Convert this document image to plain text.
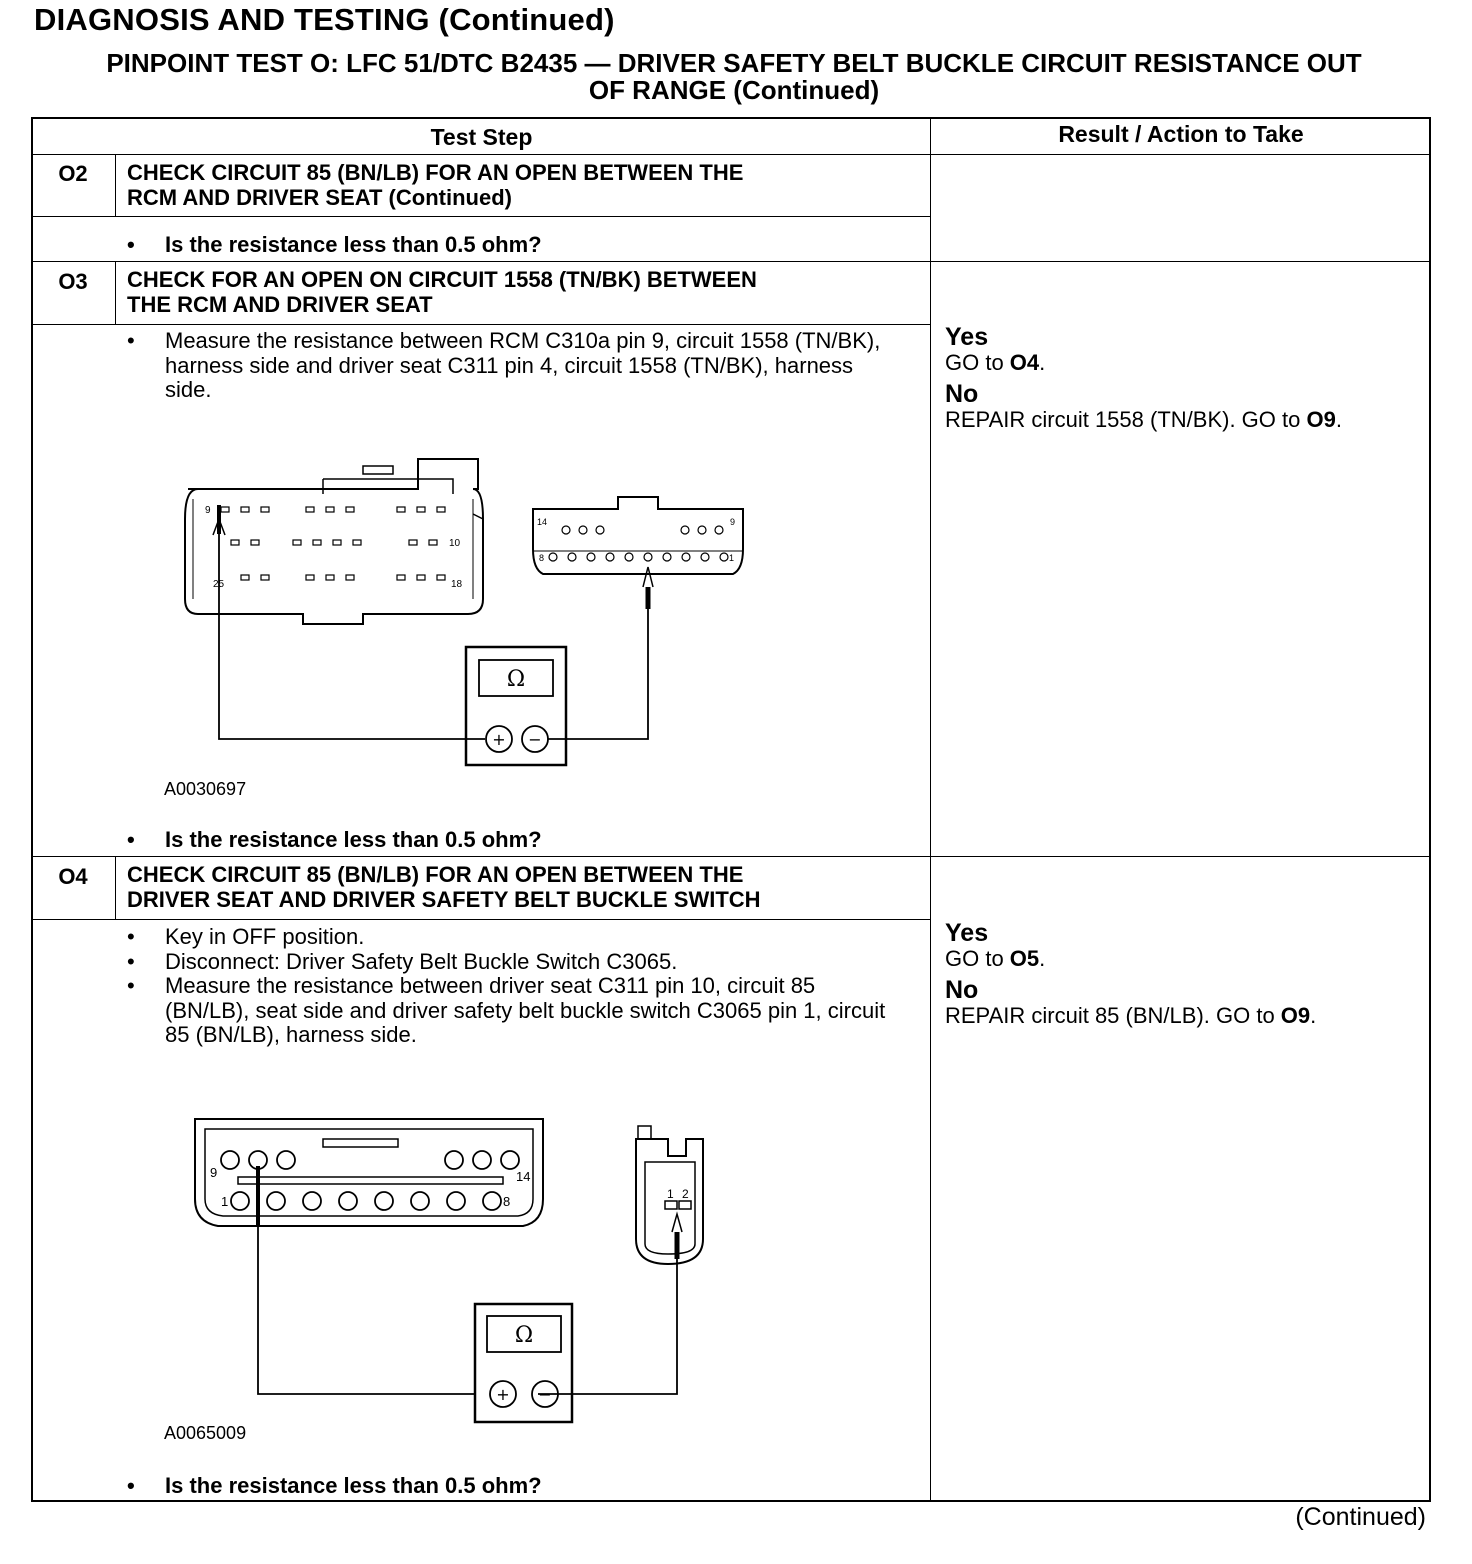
DIAGNOSIS AND TESTING (Continued)
PINPOINT TEST O: LFC 51/DTC B2435 — DRIVER SAFETY BELT BUCKLE CIRCUIT RESISTANCE OUT
OF RANGE (Continued)
Test Step	Result / Action to Take
O2	CHECK CIRCUIT 85 (BN/LB) FOR AN OPEN BETWEEN THE
RCM AND DRIVER SEAT (Continued)
• Is the resistance less than 0.5 ohm?
O3	CHECK FOR AN OPEN ON CIRCUIT 1558 (TN/BK) BETWEEN
THE RCM AND DRIVER SEAT
• Measure the resistance between RCM C310a pin 9, circuit 1558 (TN/BK), harness side and driver seat C311 pin 4, circuit 1558 (TN/BK), harness side.
Yes
GO to O4.
No
REPAIR circuit 1558 (TN/BK). GO to O9.
9
10
25	18
14	9
8	1
Ω
+ −
A0030697
• Is the resistance less than 0.5 ohm?
O4	CHECK CIRCUIT 85 (BN/LB) FOR AN OPEN BETWEEN THE
DRIVER SEAT AND DRIVER SAFETY BELT BUCKLE SWITCH
• Key in OFF position.
• Disconnect: Driver Safety Belt Buckle Switch C3065.
• Measure the resistance between driver seat C311 pin 10, circuit 85 (BN/LB), seat side and driver safety belt buckle switch C3065 pin 1, circuit 85 (BN/LB), harness side.
Yes
GO to O5.
No
REPAIR circuit 85 (BN/LB). GO to O9.
9	14
1	8	1 2
Ω
+ −
A0065009
• Is the resistance less than 0.5 ohm?
(Continued)
